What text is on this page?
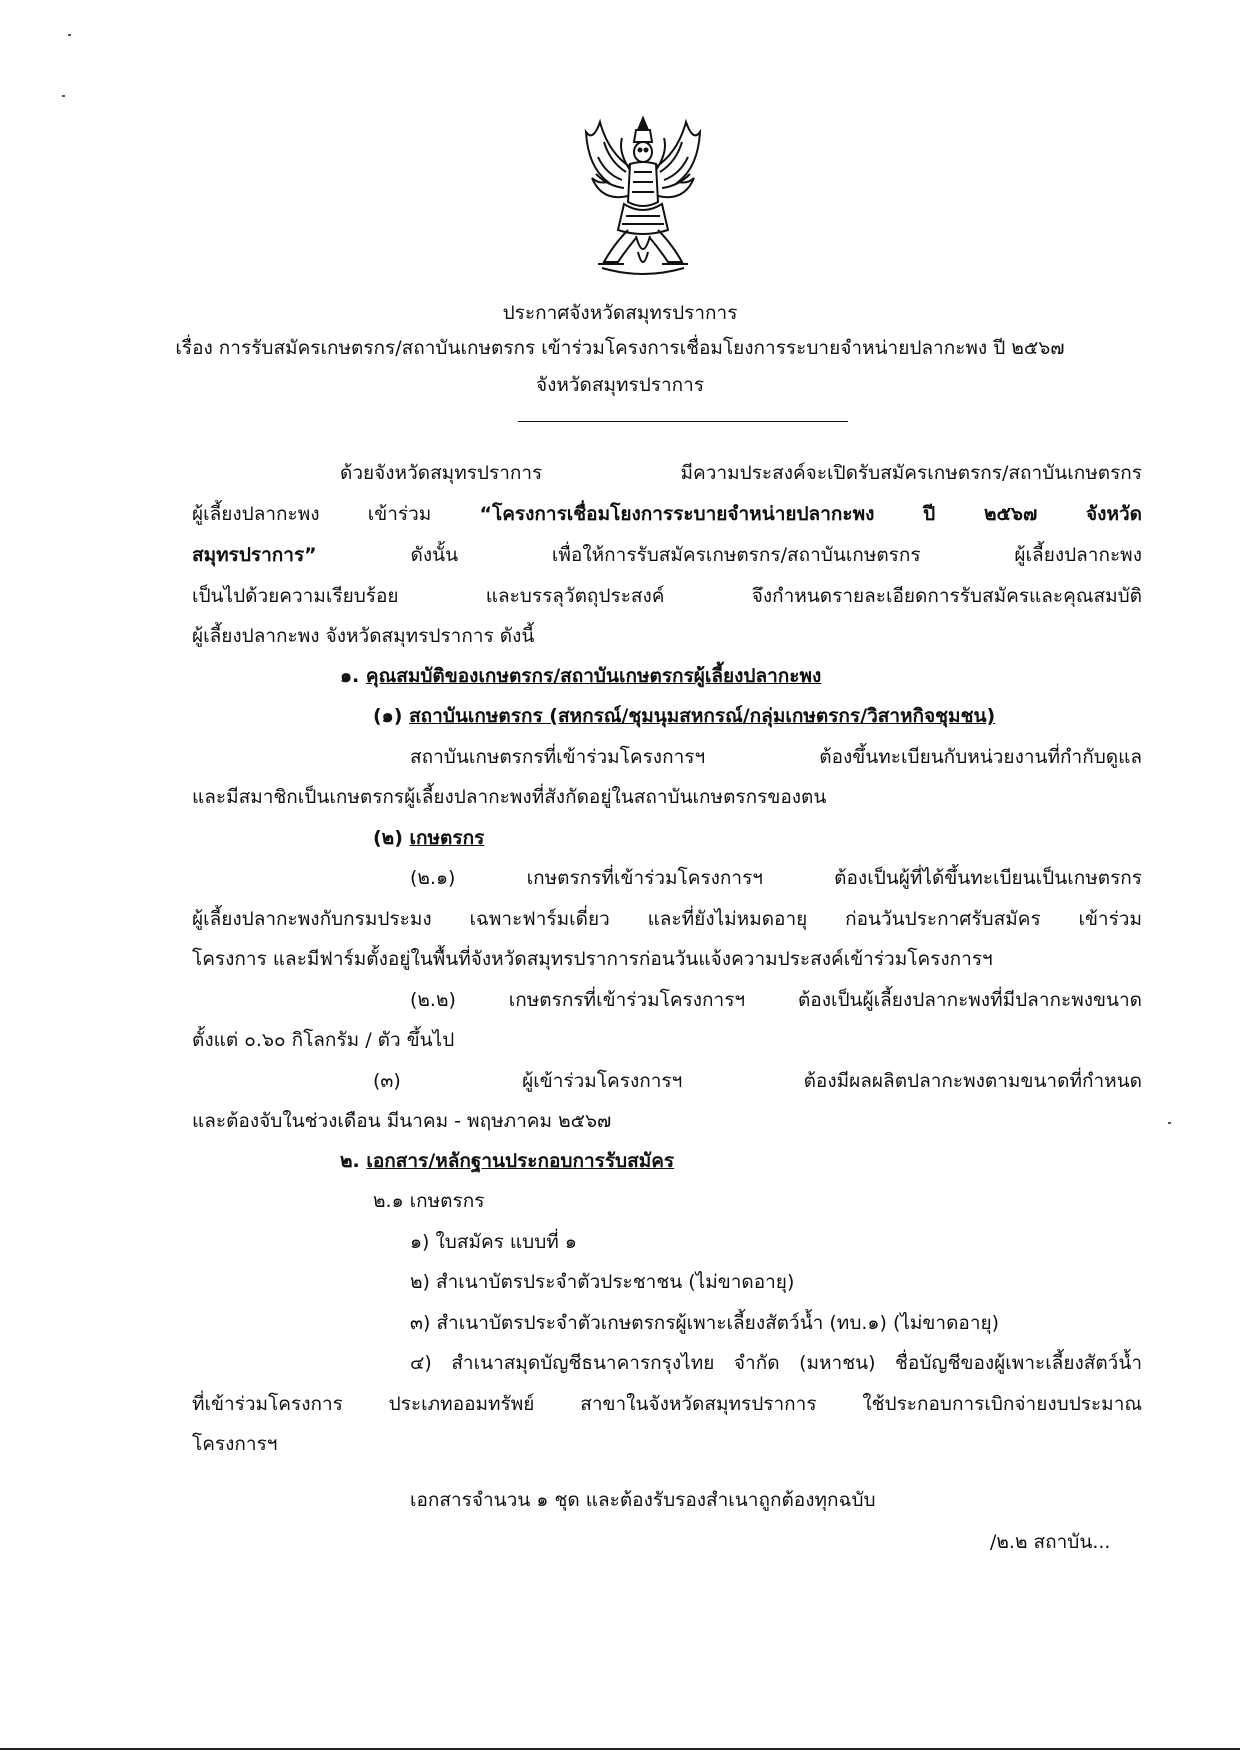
ประกาศจังหวัดสมุทรปราการ
เรื่อง การรับสมัครเกษตรกร/สถาบันเกษตรกร เข้าร่วมโครงการเชื่อมโยงการระบายจำหน่ายปลากะพง ปี ๒๕๖๗
จังหวัดสมุทรปราการ
ด้วยจังหวัดสมุทรปราการ มีความประสงค์จะเปิดรับสมัครเกษตรกร/สถาบันเกษตรกร
ผู้เลี้ยงปลากะพง เข้าร่วม “โครงการเชื่อมโยงการระบายจำหน่ายปลากะพง ปี ๒๕๖๗ จังหวัด
สมุทรปราการ” ดังนั้น เพื่อให้การรับสมัครเกษตรกร/สถาบันเกษตรกร ผู้เลี้ยงปลากะพง
เป็นไปด้วยความเรียบร้อย และบรรลุวัตถุประสงค์ จึงกำหนดรายละเอียดการรับสมัครและคุณสมบัติ
ผู้เลี้ยงปลากะพง จังหวัดสมุทรปราการ ดังนี้
๑. คุณสมบัติของเกษตรกร/สถาบันเกษตรกรผู้เลี้ยงปลากะพง
(๑) สถาบันเกษตรกร (สหกรณ์/ชุมนุมสหกรณ์/กลุ่มเกษตรกร/วิสาหกิจชุมชน)
สถาบันเกษตรกรที่เข้าร่วมโครงการฯ ต้องขึ้นทะเบียนกับหน่วยงานที่กำกับดูแล
และมีสมาชิกเป็นเกษตรกรผู้เลี้ยงปลากะพงที่สังกัดอยู่ในสถาบันเกษตรกรของตน
(๒) เกษตรกร
(๒.๑) เกษตรกรที่เข้าร่วมโครงการฯ ต้องเป็นผู้ที่ได้ขึ้นทะเบียนเป็นเกษตรกร
ผู้เลี้ยงปลากะพงกับกรมประมง เฉพาะฟาร์มเดี่ยว และที่ยังไม่หมดอายุ ก่อนวันประกาศรับสมัคร เข้าร่วม
โครงการ และมีฟาร์มตั้งอยู่ในพื้นที่จังหวัดสมุทรปราการก่อนวันแจ้งความประสงค์เข้าร่วมโครงการฯ
(๒.๒) เกษตรกรที่เข้าร่วมโครงการฯ ต้องเป็นผู้เลี้ยงปลากะพงที่มีปลากะพงขนาด
ตั้งแต่ ๐.๖๐ กิโลกรัม / ตัว ขึ้นไป
(๓) ผู้เข้าร่วมโครงการฯ ต้องมีผลผลิตปลากะพงตามขนาดที่กำหนด
และต้องจับในช่วงเดือน มีนาคม - พฤษภาคม ๒๕๖๗
๒. เอกสาร/หลักฐานประกอบการรับสมัคร
๒.๑ เกษตรกร
๑) ใบสมัคร แบบที่ ๑
๒) สำเนาบัตรประจำตัวประชาชน (ไม่ขาดอายุ)
๓) สำเนาบัตรประจำตัวเกษตรกรผู้เพาะเลี้ยงสัตว์น้ำ (ทบ.๑) (ไม่ขาดอายุ)
๔) สำเนาสมุดบัญชีธนาคารกรุงไทย จำกัด (มหาชน) ชื่อบัญชีของผู้เพาะเลี้ยงสัตว์น้ำ
ที่เข้าร่วมโครงการ ประเภทออมทรัพย์ สาขาในจังหวัดสมุทรปราการ ใช้ประกอบการเบิกจ่ายงบประมาณ
โครงการฯ
เอกสารจำนวน ๑ ชุด และต้องรับรองสำเนาถูกต้องทุกฉบับ
/๒.๒ สถาบัน...
